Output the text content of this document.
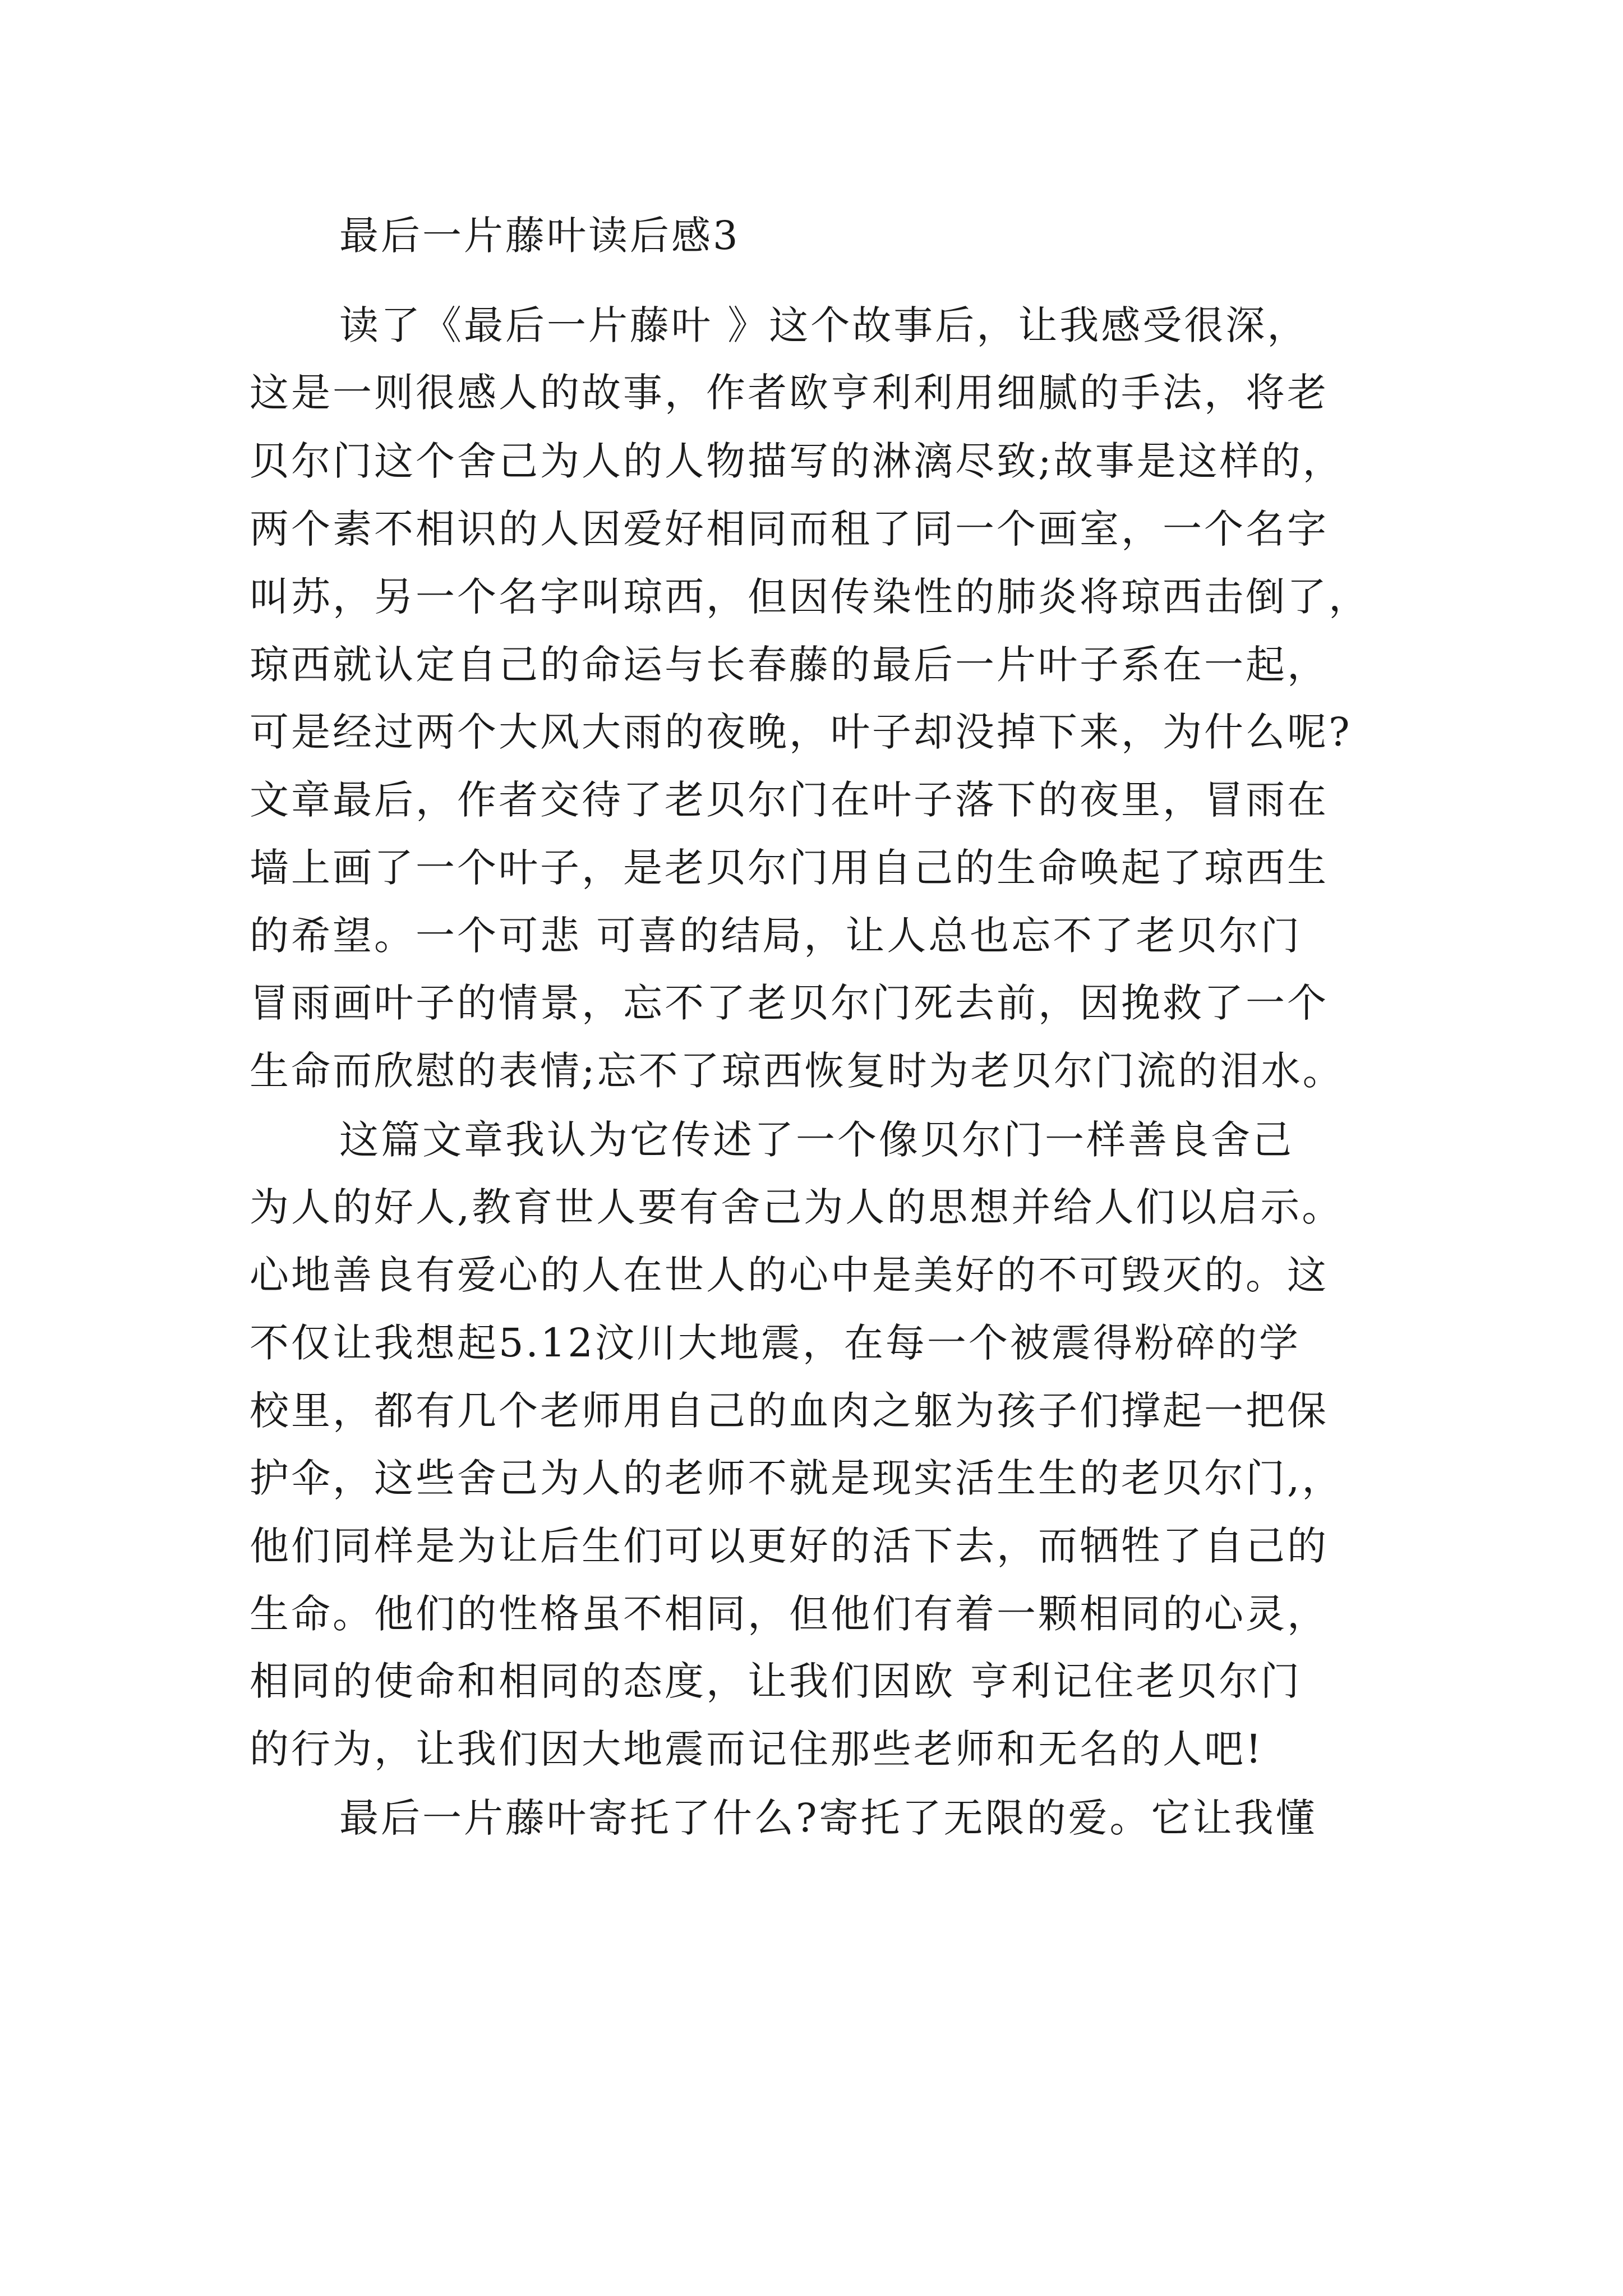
最后一片藤叶读后感3
读了《最后一片藤叶 》这个故事后，让我感受很深，
这是一则很感人的故事，作者欧亨利利用细腻的手法，将老
贝尔门这个舍己为人的人物描写的淋漓尽致;故事是这样的，
两个素不相识的人因爱好相同而租了同一个画室，一个名字
叫苏，另一个名字叫琼西，但因传染性的肺炎将琼西击倒了，
琼西就认定自己的命运与长春藤的最后一片叶子系在一起，
可是经过两个大风大雨的夜晚，叶子却没掉下来，为什么呢?
文章最后，作者交待了老贝尔门在叶子落下的夜里，冒雨在
墙上画了一个叶子，是老贝尔门用自己的生命唤起了琼西生
的希望。一个可悲 可喜的结局，让人总也忘不了老贝尔门
冒雨画叶子的情景，忘不了老贝尔门死去前，因挽救了一个
生命而欣慰的表情;忘不了琼西恢复时为老贝尔门流的泪水。
这篇文章我认为它传述了一个像贝尔门一样善良舍己
为人的好人,教育世人要有舍己为人的思想并给人们以启示。
心地善良有爱心的人在世人的心中是美好的不可毁灭的。这
不仅让我想起5.12汶川大地震，在每一个被震得粉碎的学
校里，都有几个老师用自己的血肉之躯为孩子们撑起一把保
护伞，这些舍己为人的老师不就是现实活生生的老贝尔门,，
他们同样是为让后生们可以更好的活下去，而牺牲了自己的
生命。他们的性格虽不相同，但他们有着一颗相同的心灵，
相同的使命和相同的态度，让我们因欧 亨利记住老贝尔门
的行为，让我们因大地震而记住那些老师和无名的人吧!
最后一片藤叶寄托了什么?寄托了无限的爱。它让我懂
